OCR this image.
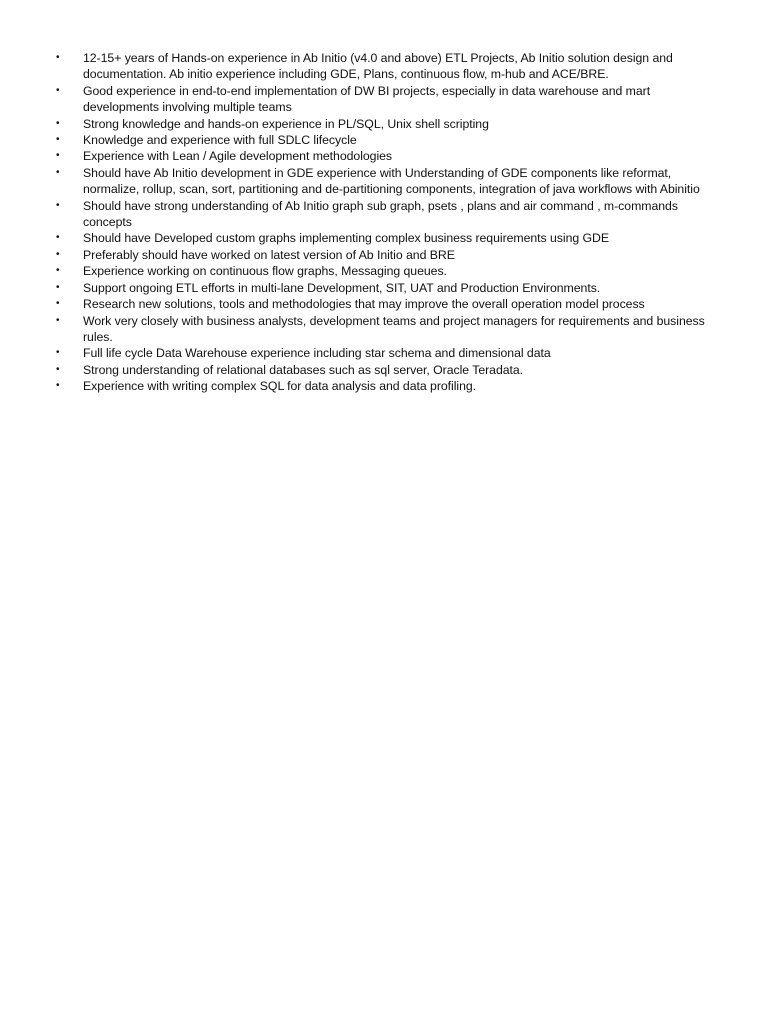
•	12-15+ years of Hands-on experience in Ab Initio (v4.0 and above) ETL Projects, Ab Initio solution design and documentation. Ab initio experience including GDE, Plans, continuous flow, m-hub and ACE/BRE.
•	Good experience in end-to-end implementation of DW BI projects, especially in data warehouse and mart developments involving multiple teams
•	Strong knowledge and hands-on experience in PL/SQL, Unix shell scripting
•	Knowledge and experience with full SDLC lifecycle
•	Experience with Lean / Agile development methodologies
•	Should have Ab Initio development in GDE experience with Understanding of GDE components like reformat, normalize, rollup, scan, sort, partitioning and de-partitioning components, integration of java workflows with Abinitio
•	Should have strong understanding of Ab Initio graph sub graph, psets , plans and air command , m-commands concepts
•	Should have Developed custom graphs implementing complex business requirements using GDE
•	Preferably should have worked on latest version of Ab Initio and BRE
•	Experience working on continuous flow graphs, Messaging queues.
•	Support ongoing ETL efforts in multi-lane Development, SIT, UAT and Production Environments.
•	Research new solutions, tools and methodologies that may improve the overall operation model process
•	Work very closely with business analysts, development teams and project managers for requirements and business rules.
•	Full life cycle Data Warehouse experience including star schema and dimensional data
•	Strong understanding of relational databases such as sql server, Oracle Teradata.
•	Experience with writing complex SQL for data analysis and data profiling.
